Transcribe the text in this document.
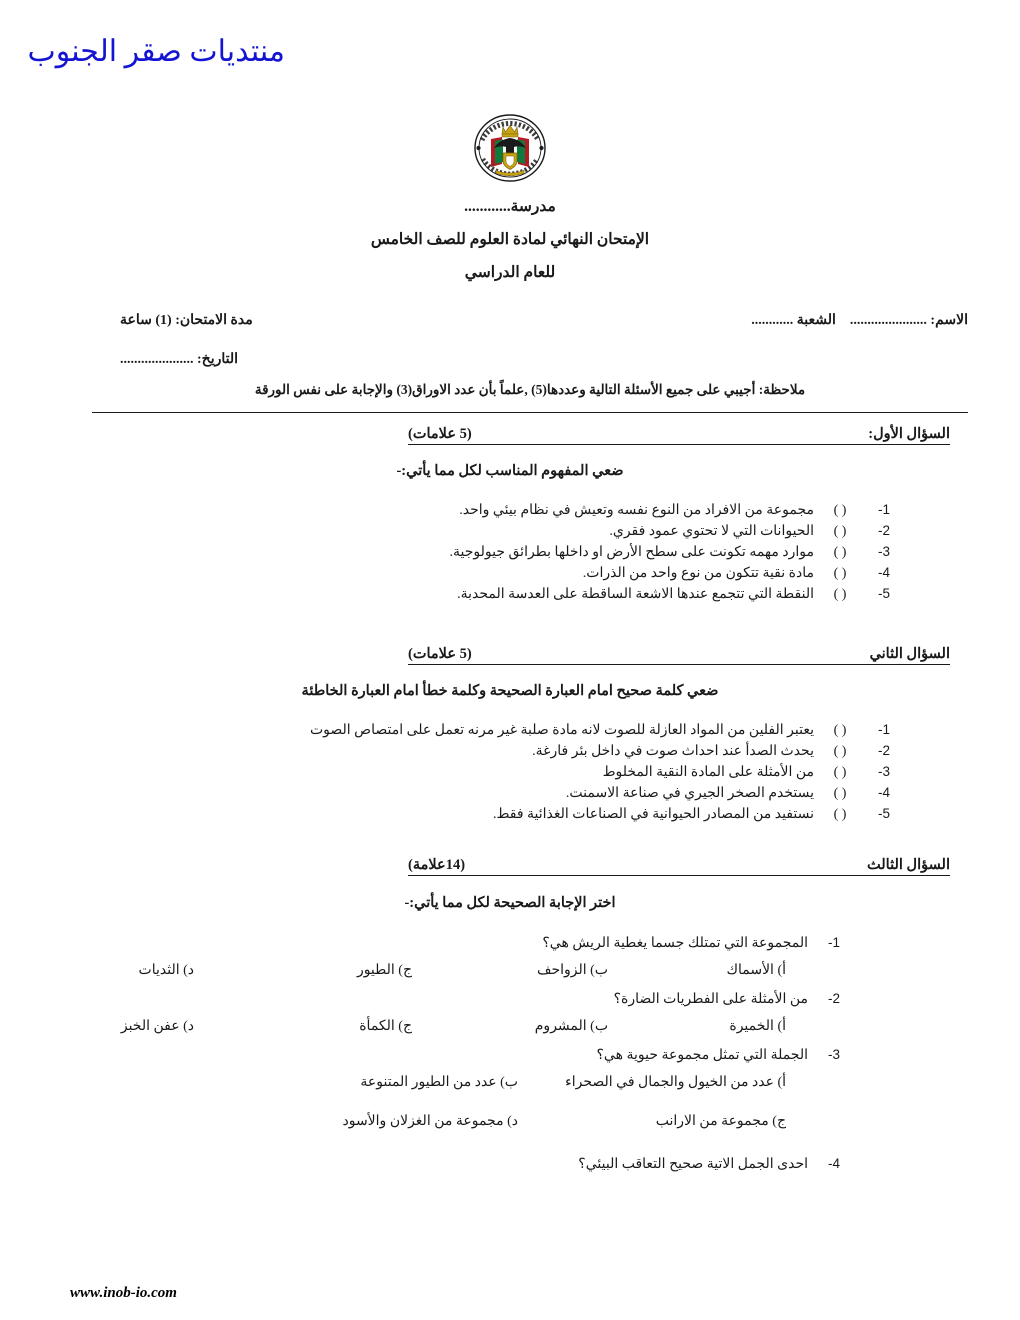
منتديات صقر الجنوب
مدرسة............
الإمتحان النهائي لمادة العلوم للصف الخامس
للعام الدراسي
الاسم: ......................
الشعبة ............
مدة الامتحان: (1) ساعة
التاريخ: .....................
ملاحظة: أجيبي على جميع الأسئلة التالية وعددها(5) ,علماً بأن عدد الاوراق(3) والإجابة على نفس الورقة
السؤال الأول:
(5 علامات)
ضعي المفهوم المناسب لكل مما يأتي:-
1-
( )
مجموعة من الافراد من النوع نفسه وتعيش في نظام بيئي واحد.
2-
( )
الحيوانات التي لا تحتوي عمود فقري.
3-
( )
موارد مهمه تكونت على سطح الأرض او داخلها بطرائق جيولوجية.
4-
( )
مادة نقية تتكون من نوع واحد من الذرات.
5-
( )
النقطة التي تتجمع عندها الاشعة الساقطة على العدسة المحدبة.
السؤال الثاني
(5 علامات)
ضعي كلمة صحيح امام العبارة الصحيحة وكلمة خطأ امام العبارة الخاطئة
1-
( )
يعتبر الفلين من المواد العازلة للصوت لانه مادة صلبة غير مرنه تعمل على امتصاص الصوت
2-
( )
يحدث الصدأ عند احداث صوت في داخل بئر فارغة.
3-
( )
من الأمثلة على المادة النقية المخلوط
4-
( )
يستخدم الصخر الجيري في صناعة الاسمنت.
5-
( )
نستفيد من المصادر الحيوانية في الصناعات الغذائية فقط.
السؤال الثالث
(14علامة)
اختر الإجابة الصحيحة لكل مما يأتي:-
1-
المجموعة التي تمتلك جسما يغطية الريش هي؟
أ) الأسماك
ب) الزواحف
ج) الطيور
د) الثديات
2-
من الأمثلة على الفطريات الضارة؟
أ) الخميرة
ب) المشروم
ج) الكمأة
د) عفن الخبز
3-
الجملة التي تمثل مجموعة حيوية هي؟
أ) عدد من الخيول والجمال في الصحراء
ب) عدد من الطيور المتنوعة
ج) مجموعة من الارانب
د) مجموعة من الغزلان والأسود
4-
احدى الجمل الاتية صحيح التعاقب البيئي؟
www.inob-io.com
